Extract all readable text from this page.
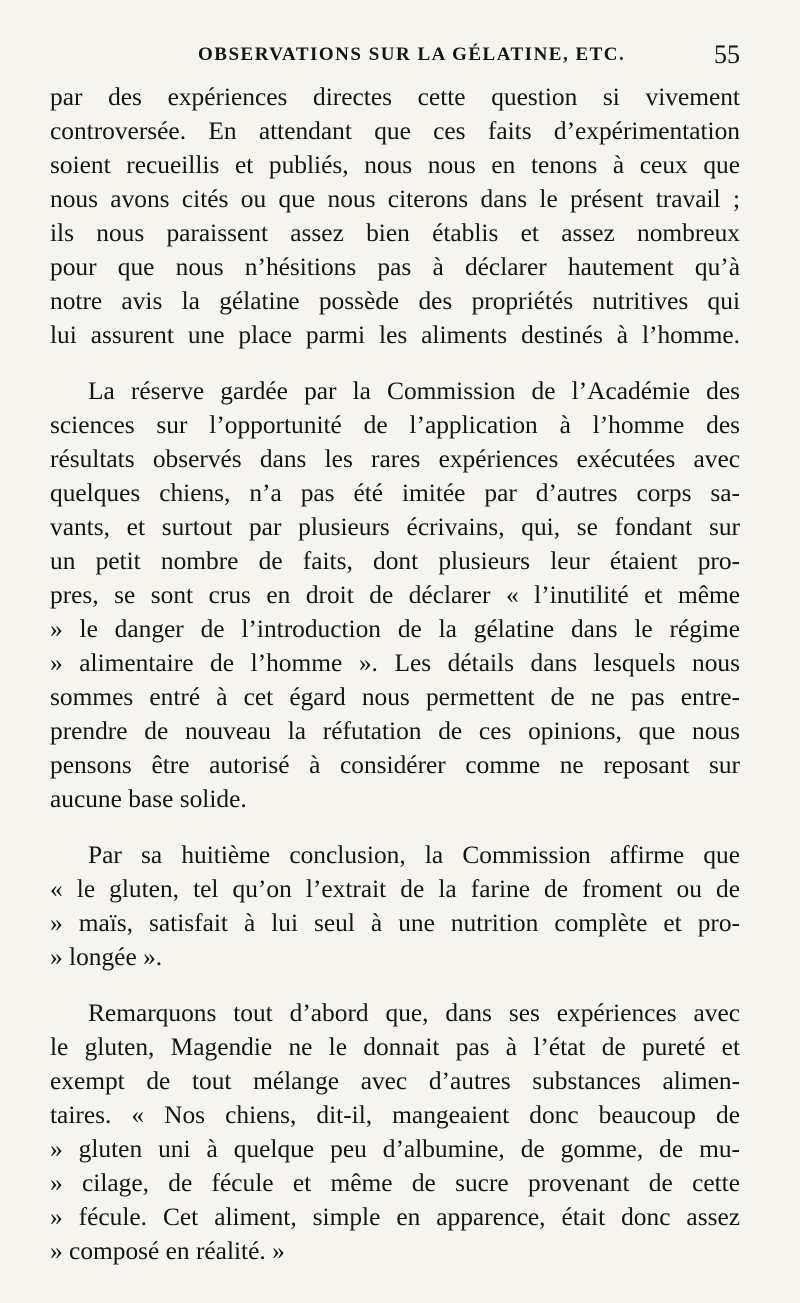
OBSERVATIONS SUR LA GÉLATINE, ETC.	55
par des expériences directes cette question si vivement
controversée. En attendant que ces faits d’expérimentation
soient recueillis et publiés, nous nous en tenons à ceux que
nous avons cités ou que nous citerons dans le présent travail ;
ils nous paraissent assez bien établis et assez nombreux
pour que nous n’hésitions pas à déclarer hautement qu’à
notre avis la gélatine possède des propriétés nutritives qui
lui assurent une place parmi les aliments destinés à l’homme.
La réserve gardée par la Commission de l’Académie des
sciences sur l’opportunité de l’application à l’homme des
résultats observés dans les rares expériences exécutées avec
quelques chiens, n’a pas été imitée par d’autres corps sa-
vants, et surtout par plusieurs écrivains, qui, se fondant sur
un petit nombre de faits, dont plusieurs leur étaient pro-
pres, se sont crus en droit de déclarer « l’inutilité et même
» le danger de l’introduction de la gélatine dans le régime
» alimentaire de l’homme ». Les détails dans lesquels nous
sommes entré à cet égard nous permettent de ne pas entre-
prendre de nouveau la réfutation de ces opinions, que nous
pensons être autorisé à considérer comme ne reposant sur
aucune base solide.
Par sa huitième conclusion, la Commission affirme que
« le gluten, tel qu’on l’extrait de la farine de froment ou de
» maïs, satisfait à lui seul à une nutrition complète et pro-
» longée ».
Remarquons tout d’abord que, dans ses expériences avec
le gluten, Magendie ne le donnait pas à l’état de pureté et
exempt de tout mélange avec d’autres substances alimen-
taires. « Nos chiens, dit-il, mangeaient donc beaucoup de
» gluten uni à quelque peu d’albumine, de gomme, de mu-
» cilage, de fécule et même de sucre provenant de cette
» fécule. Cet aliment, simple en apparence, était donc assez
» composé en réalité. »
